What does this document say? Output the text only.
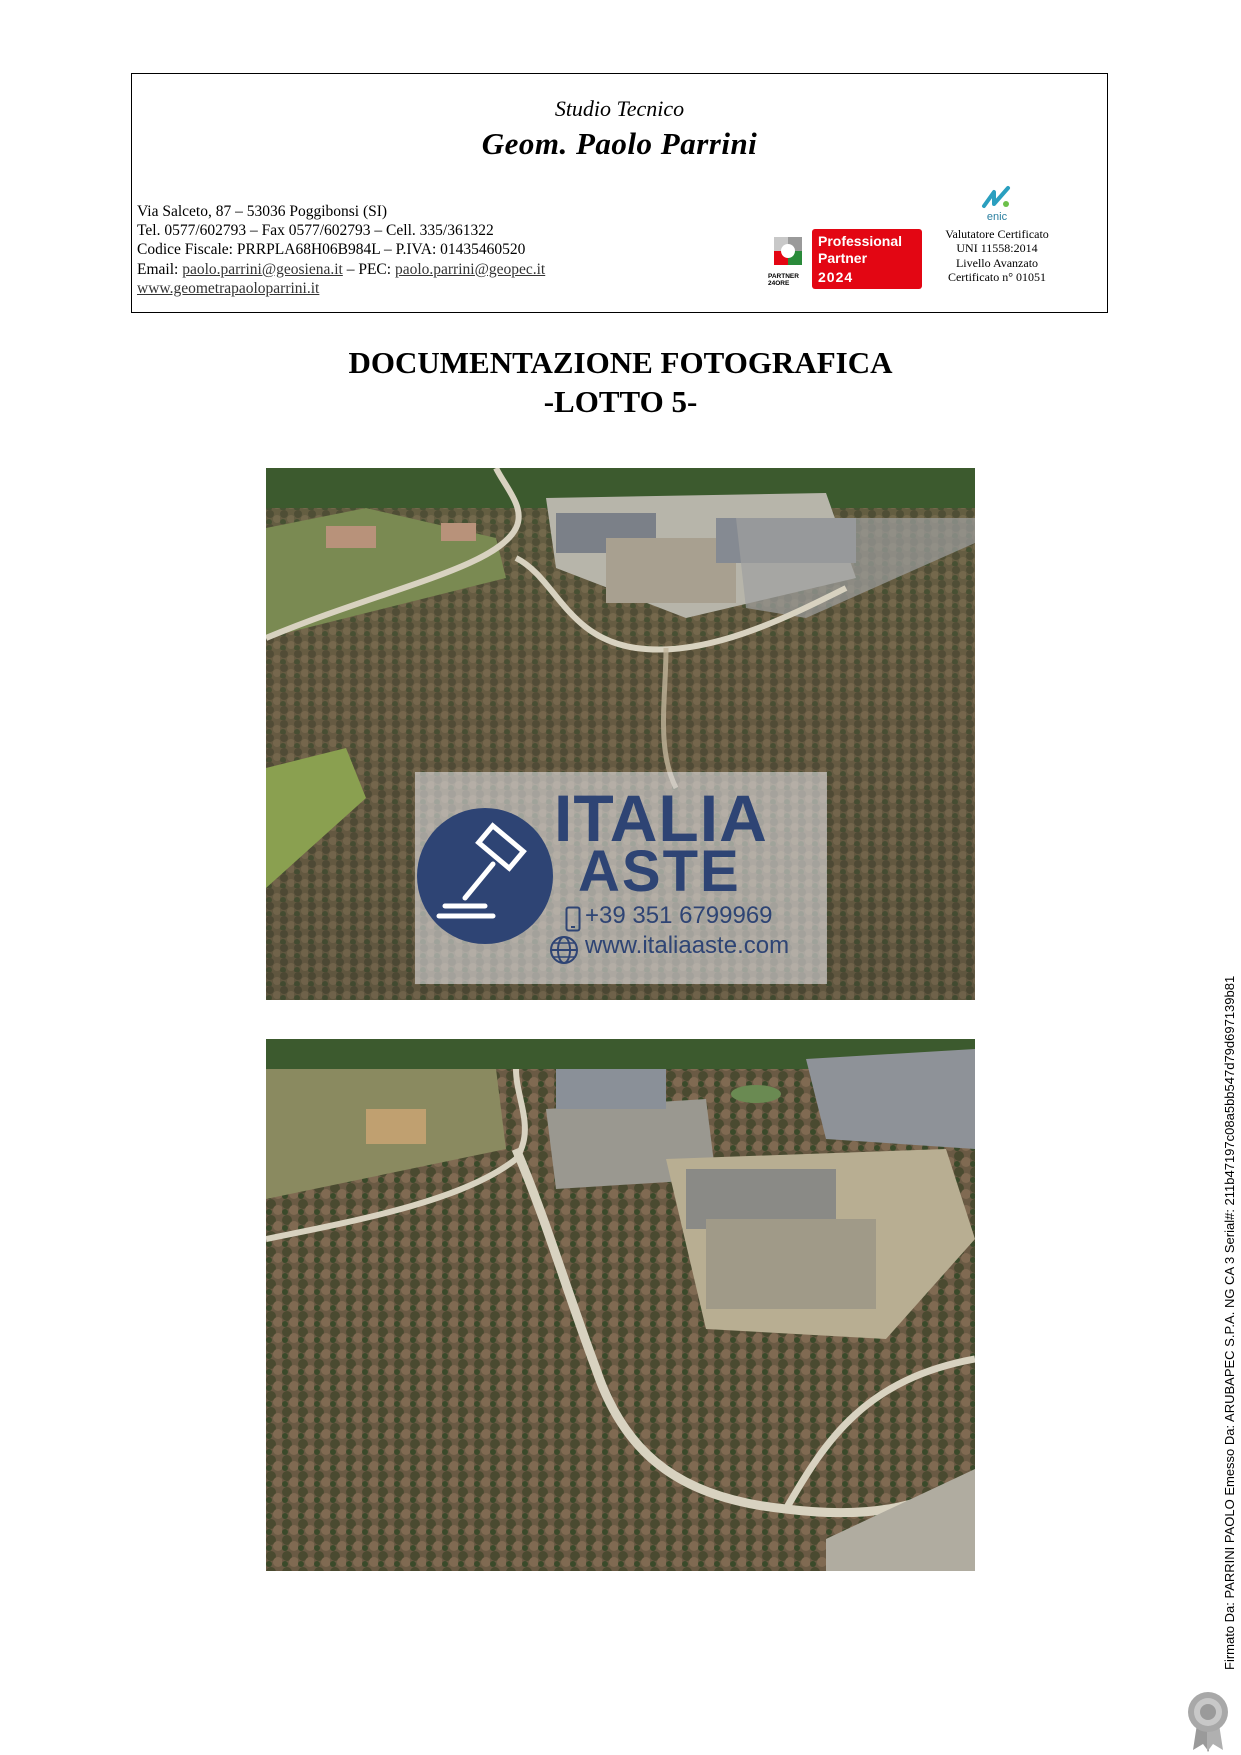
Studio Tecnico
Geom. Paolo Parrini
Via Salceto, 87 – 53036 Poggibonsi (SI)
Tel. 0577/602793 – Fax 0577/602793 – Cell. 335/361322
Codice Fiscale: PRRPLA68H06B984L – P.IVA: 01435460520
Email: paolo.parrini@geosiena.it – PEC: paolo.parrini@geopec.it
www.geometrapaoloparrini.it
PARTNER
24ORE
Professional
Partner
2024
enic
Valutatore Certificato
UNI 11558:2014
Livello Avanzato
Certificato n° 01051
DOCUMENTAZIONE FOTOGRAFICA
-LOTTO 5-
ITALIA
ASTE
+39 351 6799969
www.italiaaste.com
Firmato Da: PARRINI PAOLO Emesso Da: ARUBAPEC S.P.A. NG CA 3 Serial#: 211b47197c08a5bb547d79d697139b81
